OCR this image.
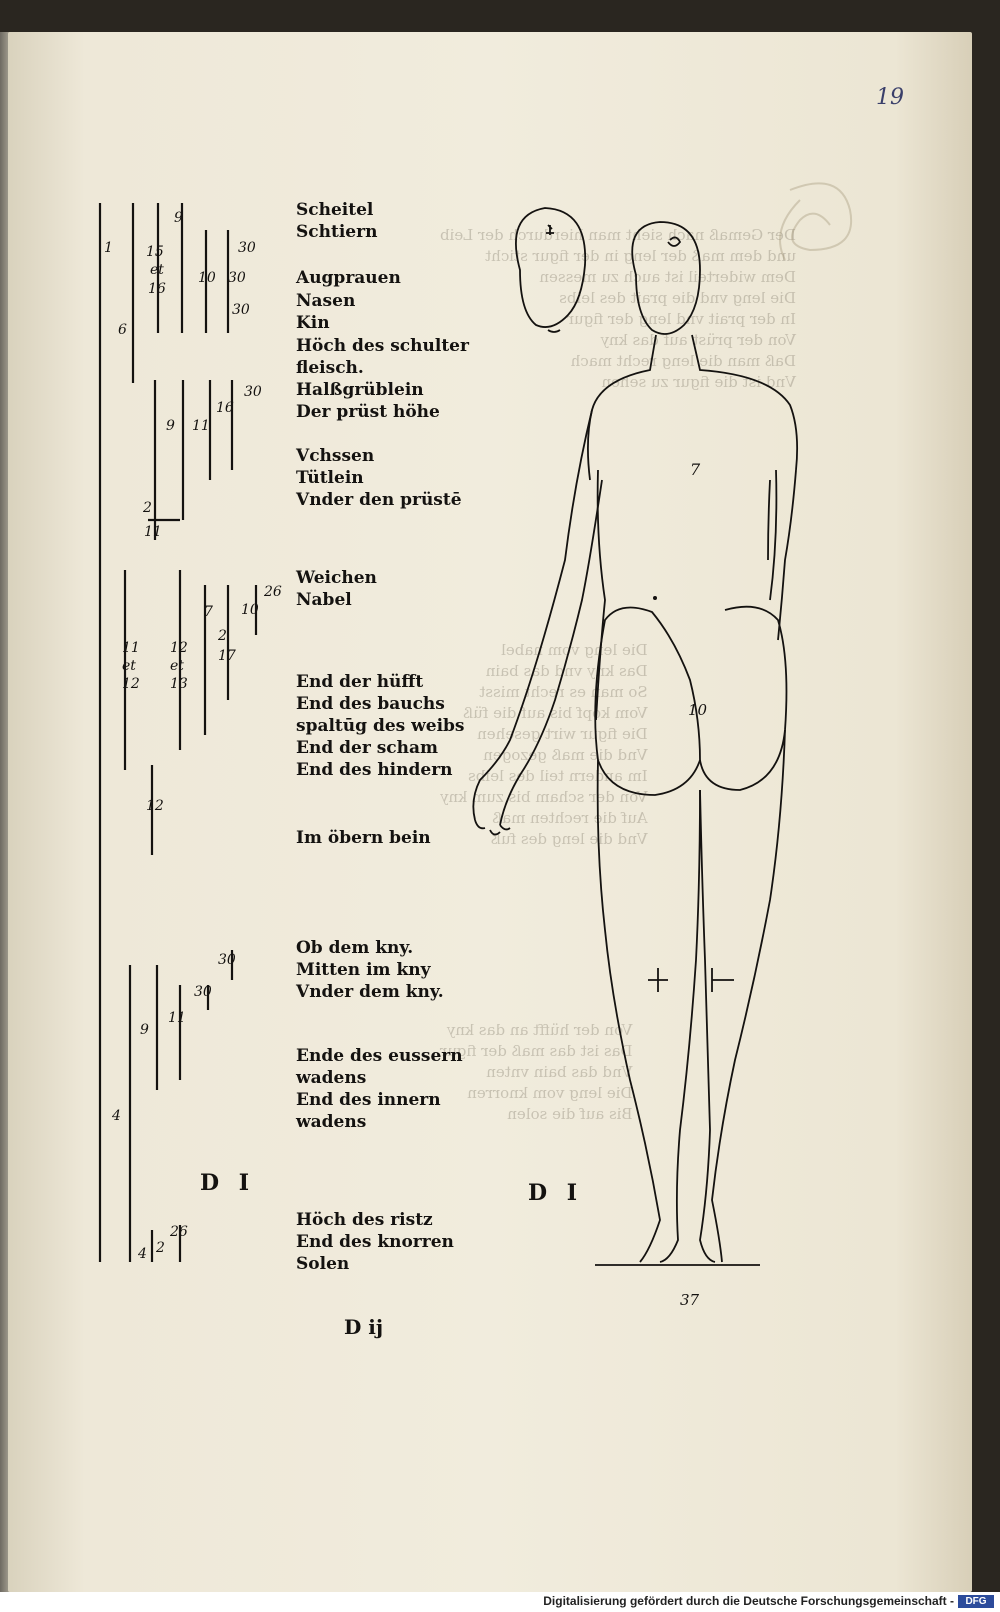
Der Gemaß nach sieht man hierdurch der Leib
und dem maß der leng in der figur sticht
Dem widerteil ist auch zu messen
Die leng vnd die prait des leibs
In der prait vnd leng der figur
Von der prüst auf das kny
Daß man die leng recht mach
Vnd ist die figur zu sehen

Die leng vom nabel
Das kny vnd das bain
So man es recht misst
Vom kopf bis auf die füß
Die figur wirt gesehen
Vnd die maß gezogen
Im andern teil des leibs
Von der scham bis zum kny
Auf die rechten maß
Vnd die leng des fuß

Von der hüfft an das kny
Das ist das maß der figur
Vnd das bain vnten
Die leng vom knorren
Bis auf die solen

19
7
10
37
1
9
15
et
16
6
10
30
30
30
9 11
16
30
2
11
11
et
12
12
et
13
7
2
17
10
26
12
30
30
11
9
4
4 2
26
Scheitel
Schtiern
Augprauen
Nasen
Kin
Höch des schulter
fleisch.
Halßgrüblein
Der prüst höhe
Vchssen
Tütlein
Vnder den prüstē
Weichen
Nabel
End der hüfft
End des bauchs
spaltūg des weibs
End der scham
End des hindern
Im öbern bein
Ob dem kny.
Mitten im kny
Vnder dem kny.
Ende des eussern
wadens
End des innern
wadens
Höch des ristz
End des knorren
Solen
D I	D I
D ij
Digitalisierung gefördert durch die Deutsche Forschungsgemeinschaft -	DFG
